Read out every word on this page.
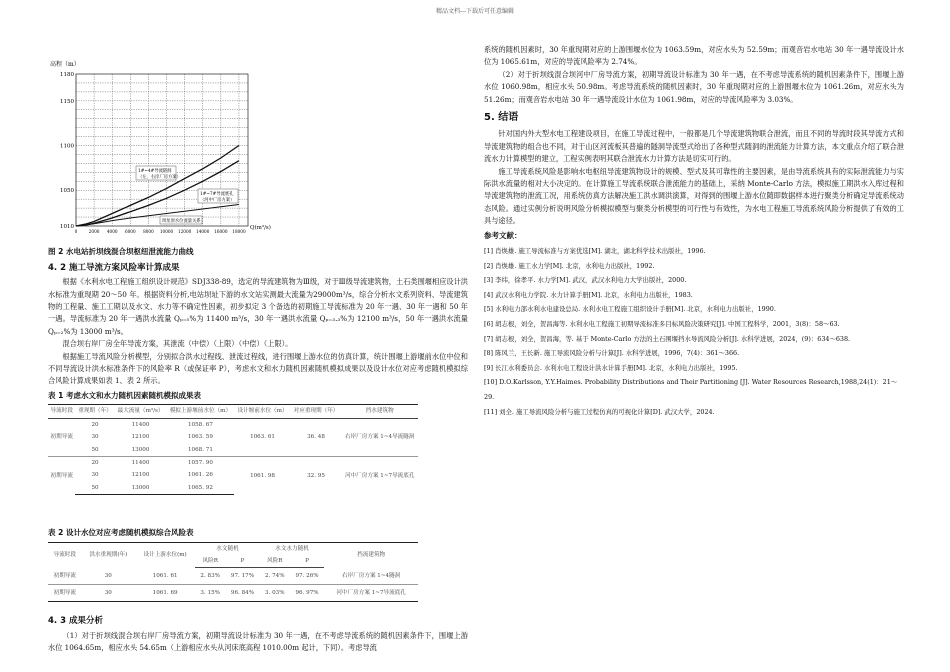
精品文档---下载后可任意编辑
高程（m）
1180
1150
1100
1050
1010
0	2000 4000 6000 8000 10000 12000 14000 16000 18000
Q(m³/s)
1#~4#导流隧洞
（左、右岸厂房方案）
1#~7#导流底孔
（河中厂房方案）
坝址原水位流量关系
图 2 水电站折坝线混合坝枢纽泄流能力曲线
4. 2 施工导流方案风险率计算成果

根据《水利水电工程施工组织设计规范》SDJ338-89，选定的导流建筑物为Ⅲ级，对于Ⅲ级导流建筑物，土石类围堰相应设计洪水标准为重现期 20～50 年。根据资料分析,电站坝址下游的水文站实测最大流量为29000m³/s，综合分析水文系列资料、导流建筑物的工程量、施工工期以及水文、水力等不确定性因素，初步拟定 3 个备选的初期施工导流标准为 20 年一遇、30 年一遇和 50 年一遇。导流标准为 20 年一遇洪水流量 Qₚ₌₅%为 11400 m³/s，30 年一遇洪水流量 Qₚ₌₃.₃%为 12100 m³/s，50 年一遇洪水流量 Qₚ₌₂%为 13000 m³/s。

混合坝右岸厂房全年导流方案，其泄流（中偿）（上限）（中偿）（上限）。

根据施工导流风险分析模型，分别拟合洪水过程线、泄流过程线，进行围堰上游水位的仿真计算，统计围堰上游堰前水位中位和不同导流设计洪水标准条件下的风险率 R（或保证率 P），考虑水文和水力随机因素随机模拟成果以及设计水位对应考虑随机模拟综合风险计算成果如表 1、表 2 所示。

表 1 考虑水文和水力随机因素随机模拟成果表
导流时段	重现期（年）	最大流量（m³/s）	模拟上游堰前水位（m）	设计堰前水位（m）	对应重现期（年）	挡水建筑物
初期导流	20	11400	1058. 67	1063. 61	36. 48	右岸厂房方案 1~4导流隧洞
	30	12100	1063. 59			
	50	13000	1068. 71			
初期导流	20	11400	1057. 90	1061. 98	32. 95	河中厂房方案 1~7导流底孔
	30	12100	1061. 26			
	50	13000	1065. 92			
表 2 设计水位对应考虑随机模拟综合风险表
导流时段	洪水重现期(年)	设计上游水位(m)	水文随机		水文水力随机		挡流建筑物
			风险R	P	风险R	P	
初期导流	30	1061. 61	2. 83%	97. 17%	2. 74%	97. 26%	右岸厂房方案 1~4隧洞
初期导流	30	1061. 69	3. 15%	96. 84%	3. 03%	96. 97%	河中厂房方案 1~7导流底孔
4. 3 成果分析

（1）对于折坝线混合坝右岸厂房导流方案，初期导流设计标准为 30 年一遇，在不考虑导流系统的随机因素条件下，围堰上游水位 1064.65m，相应水头 54.65m（上游相应水头从河床底高程 1010.00m 起计，下同）。考虑导流

系统的随机因素时，30 年重现期对应的上游围堰水位为 1063.59m，对应水头为 52.59m；而观音岩水电站 30 年一遇导流设计水位为 1065.61m，对应的导流风险率为 2.74%。

（2）对于折坝线混合坝河中厂房导流方案，初期导流设计标准为 30 年一遇，在不考虑导流系统的随机因素条件下，围堰上游水位 1060.98m，相应水头 50.98m。考虑导流系统的随机因素时，30 年重现期对应的上游围堰水位为 1061.26m，对应水头为 51.26m；而观音岩水电站 30 年一遇导流设计水位为 1061.98m，对应的导流风险率为 3.03%。

5. 结语

针对国内外大型水电工程建设项目，在施工导流过程中，一般都是几个导流建筑物联合泄流，而且不同的导流时段其导流方式和导流建筑物的组合也不同，对于山区河流板其普遍的隧洞导流型式给出了各种型式随洞的泄流能力计算方法，本文重点介绍了联合泄流水力计算模型的建立，工程实例表明其联合泄流水力计算方法是切实可行的。

施工导流系统风险是影响水电枢纽导流建筑物设计的规模、型式及其可靠性的主要因素，是由导流系统具有的实际泄流能力与实际洪水流量的相对大小决定的。在计算施工导流系统联合泄流能力的基础上，采纳 Monte-Carlo 方法，模拟施工期洪水入库过程和导流建筑物的泄流工况，用系统仿真方法解决施工洪水调洪演算，对得到的围堰上游水位随即数据样本进行聚类分析确定导流系统动态风险。通过实例分析说明风险分析模拟模型与聚类分析模型的可行性与有效性，为水电工程施工导流系统风险分析提供了有效的工具与途径。

参考文献：
[1] 肖焕雄. 施工导流标准与方案优选[M]. 湖北，湖北科学技术出版社，1996.
[2] 肖焕雄. 施工水力学[M]. 北京，水利电力出版社，1992.
[3] 李纬，徐孝平. 水力学[M]. 武汉，武汉水利电力大学出版社，2000.
[4] 武汉水利电力学院. 水力计算手册[M]. 北京，水利电力出版社，1983.
[5] 水利电力部水利水电建设总局. 水利水电工程施工组织设计手册[M]. 北京，水利电力出版社，1990.
[6] 胡志根，刘全，贺昌海等. 水利水电工程施工初期导流标准多目标风险决策研究[J]. 中国工程科学，2001，3(8)：58～63.
[7] 胡志根，刘全，贺昌海，等. 基于 Monte-Carlo 方法的土石围堰挡水导流风险分析[J]. 水科学进展，2024，(9)：634～638.
[8] 陈风兰，王长新. 施工导流风险分析与计算[J]. 水科学进展，1996，7(4)：361～366.
[9] 长江水利委员会. 水利水电工程设计洪水计算手册[M]. 北京，水利电力出版社，1995.
[10] D.O.Karlsson, Y.Y.Haimes. Probability Distributions and Their Partitioning [J]. Water Resources Research,1988,24(1)：21～29.
[11] 刘全. 施工导流风险分析与施工过程仿真的可视化计算[D]. 武汉大学，2024.
